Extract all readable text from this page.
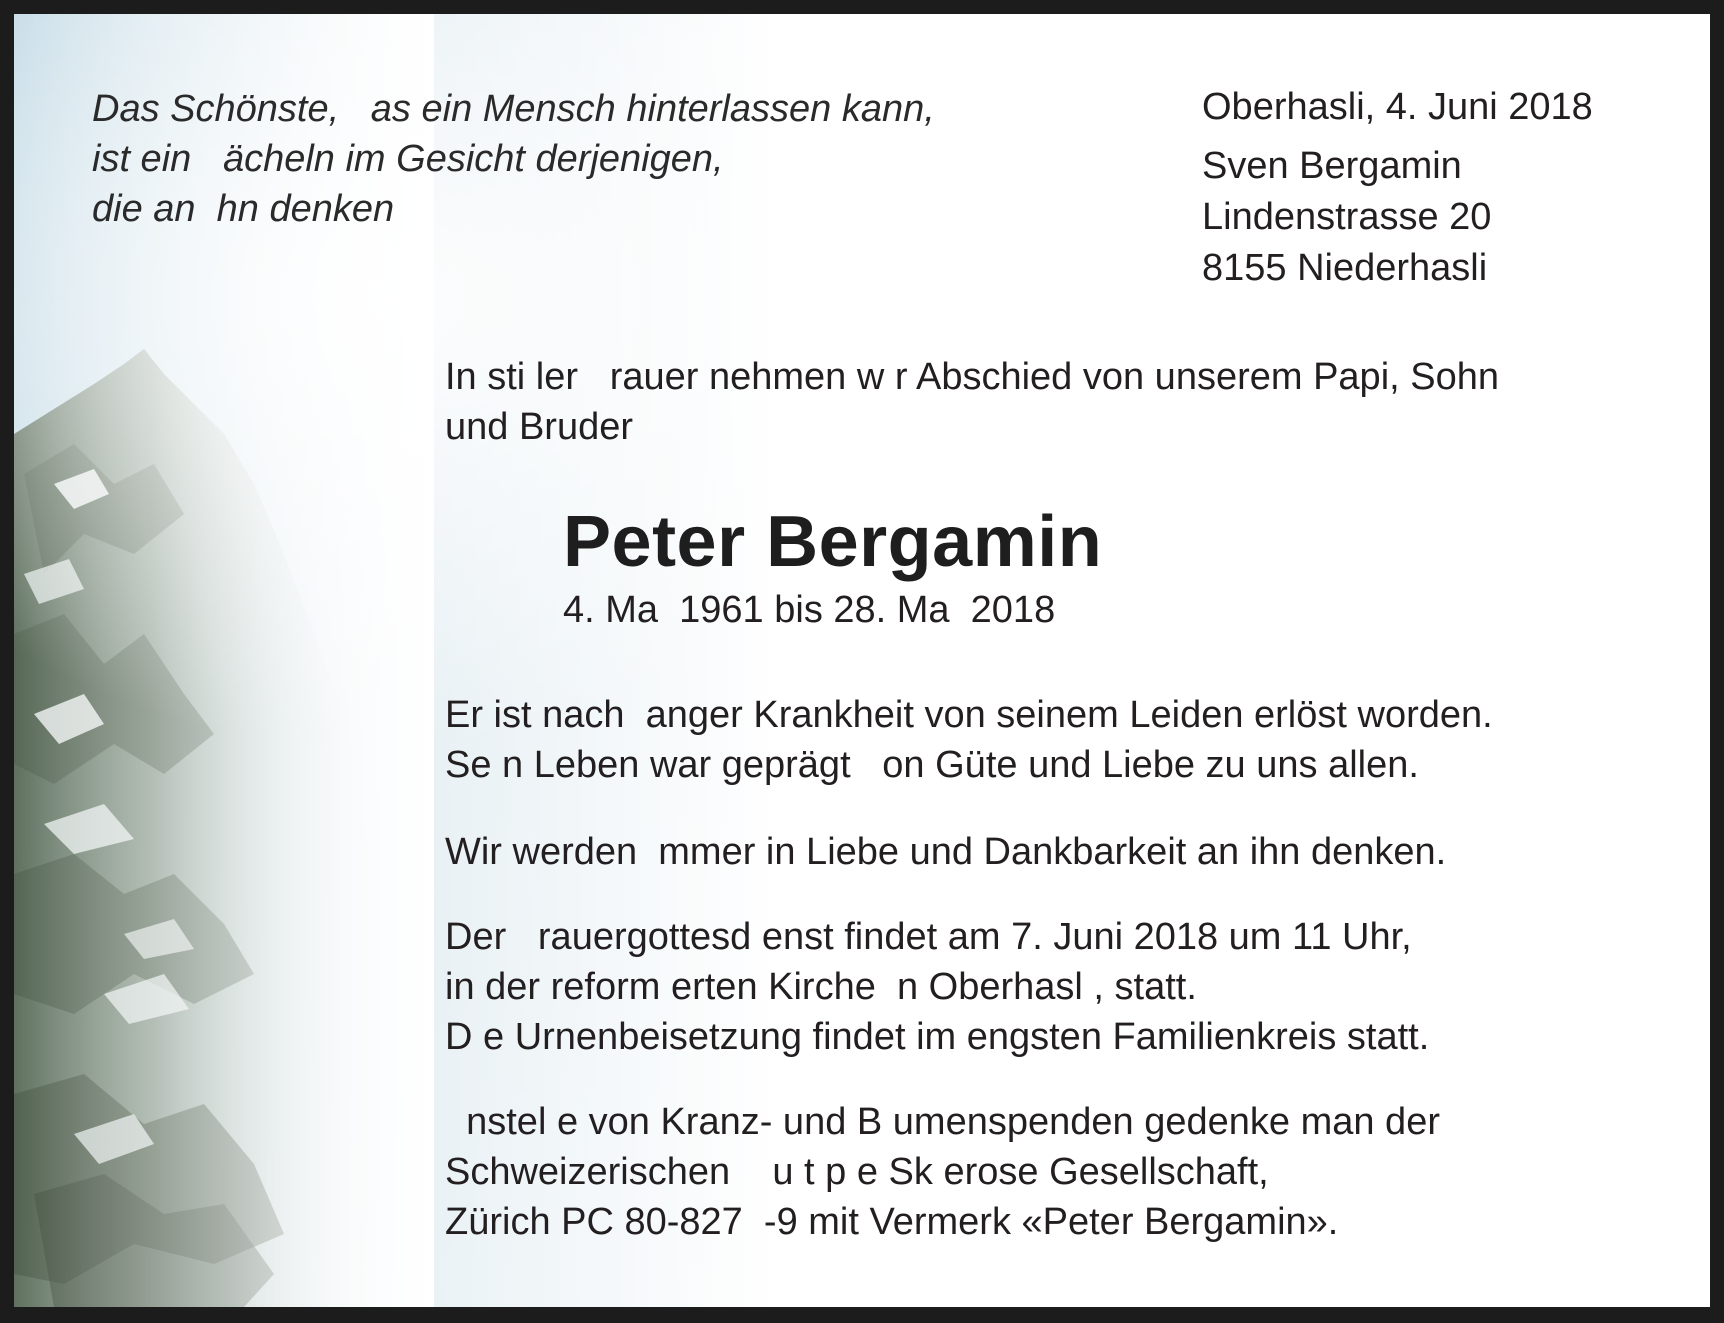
Das Schönste,   as ein Mensch hinterlassen kann,
ist ein   ächeln im Gesicht derjenigen,
die an  hn denken
Oberhasli, 4. Juni 2018
Sven Bergamin
Lindenstrasse 20
8155 Niederhasli
In sti ler   rauer nehmen w r Abschied von unserem Papi, Sohn
und Bruder
Peter Bergamin
4. Ma  1961 bis 28. Ma  2018
Er ist nach  anger Krankheit von seinem Leiden erlöst worden.
Se n Leben war geprägt   on Güte und Liebe zu uns allen.
Wir werden  mmer in Liebe und Dankbarkeit an ihn denken.
Der   rauergottesd enst findet am 7. Juni 2018 um 11 Uhr,
in der reform erten Kirche  n Oberhasl , statt.
D e Urnenbeisetzung findet im engsten Familienkreis statt.
nstel e von Kranz- und B umenspenden gedenke man der
Schweizerischen    u t p e Sk erose Gesellschaft,
Zürich PC 80-827  -9 mit Vermerk «Peter Bergamin».
